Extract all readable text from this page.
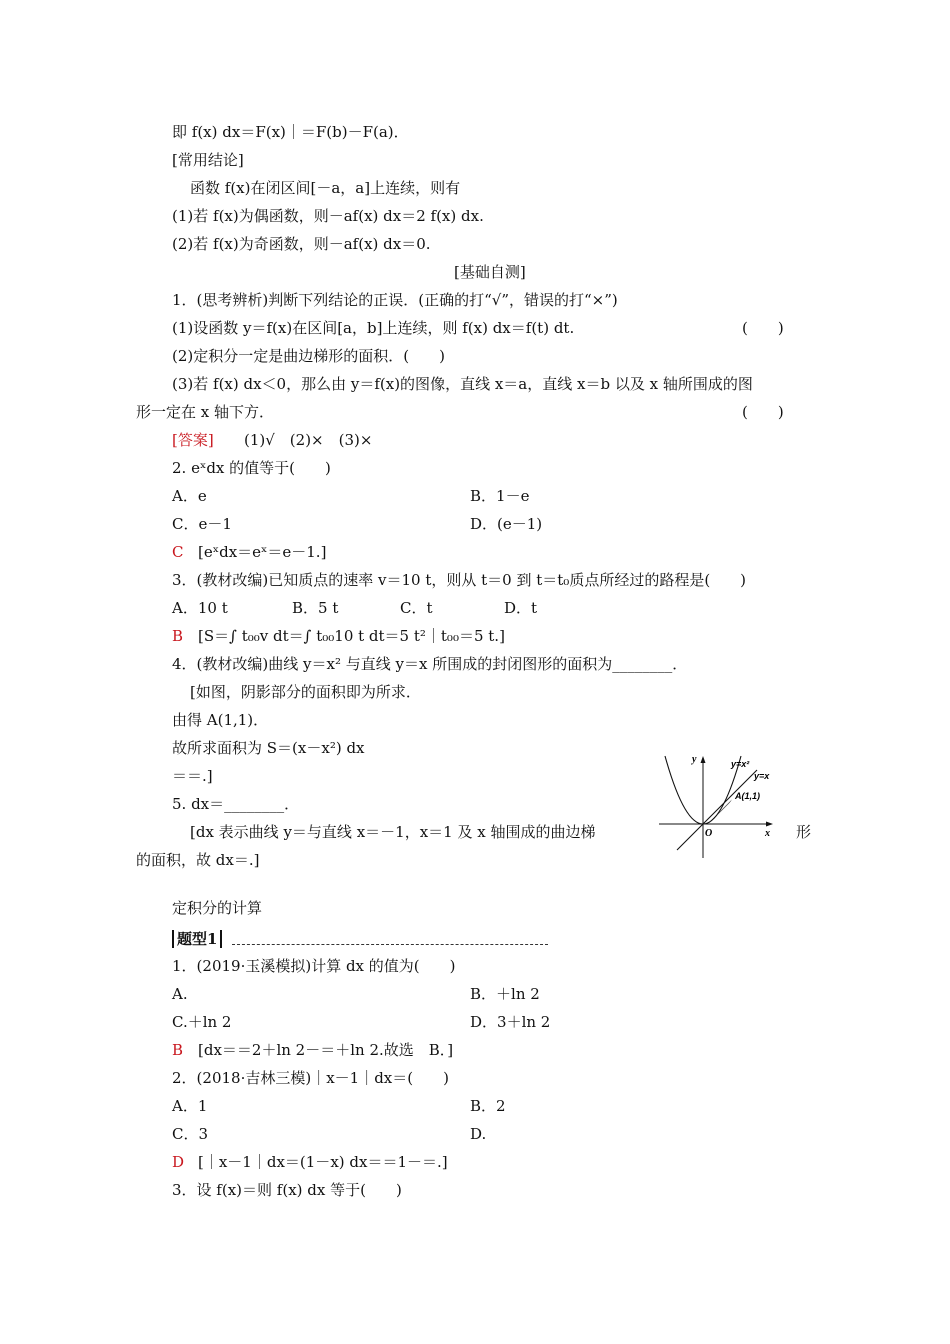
即 f(x) dx＝F(x)｜＝F(b)－F(a)．
[常用结论]
函数 f(x)在闭区间[－a，a]上连续，则有
(1)若 f(x)为偶函数，则－af(x) dx＝2 f(x) dx.
(2)若 f(x)为奇函数，则－af(x) dx＝0.
[基础自测]
1．(思考辨析)判断下列结论的正误．(正确的打“√”，错误的打“×”)
(1)设函数 y＝f(x)在区间[a，b]上连续，则 f(x) dx＝f(t) dt.	(　　)
(2)定积分一定是曲边梯形的面积．(　　)
(3)若 f(x) dx＜0，那么由 y＝f(x)的图像，直线 x＝a，直线 x＝b 以及 x 轴所围成的图
形一定在 x 轴下方．	(　　)
[答案] (1)√　(2)×　(3)×
2. eˣdx 的值等于(　　)
A．e	B．1－e
C．e－1	D．(e－1)
C [eˣdx＝eˣ＝e－1.]
3．(教材改编)已知质点的速率 v＝10 t，则从 t＝0 到 t＝t₀质点所经过的路程是(　　)
A．10 t	B．5 t	C．t	D．t
B [S＝∫ t₀₀v dt＝∫ t₀₀10 t dt＝5 t²｜t₀₀＝5 t.]
4．(教材改编)曲线 y＝x² 与直线 y＝x 所围成的封闭图形的面积为________．
[如图，阴影部分的面积即为所求．
由得 A(1,1)．
故所求面积为 S＝(x－x²) dx
＝＝.]
5. dx＝________．
[dx 表示曲线 y＝与直线 x＝－1，x＝1 及 x 轴围成的曲边梯	形
的面积，故 dx＝.]
y
x
O
y=x²
y=x
A(1,1)
定积分的计算
题型1
1．(2019·玉溪模拟)计算 dx 的值为(　　)
A.	B．＋ln 2
C.＋ln 2	D．3＋ln 2
B [dx＝＝2＋ln 2－＝＋ln 2.故选　B．]
2．(2018·吉林三模)｜x－1｜dx＝(　　)
A．1	B．2
C．3	D.
D [｜x－1｜dx＝(1－x) dx＝＝1－＝.]
3．设 f(x)＝则 f(x) dx 等于(　　)
